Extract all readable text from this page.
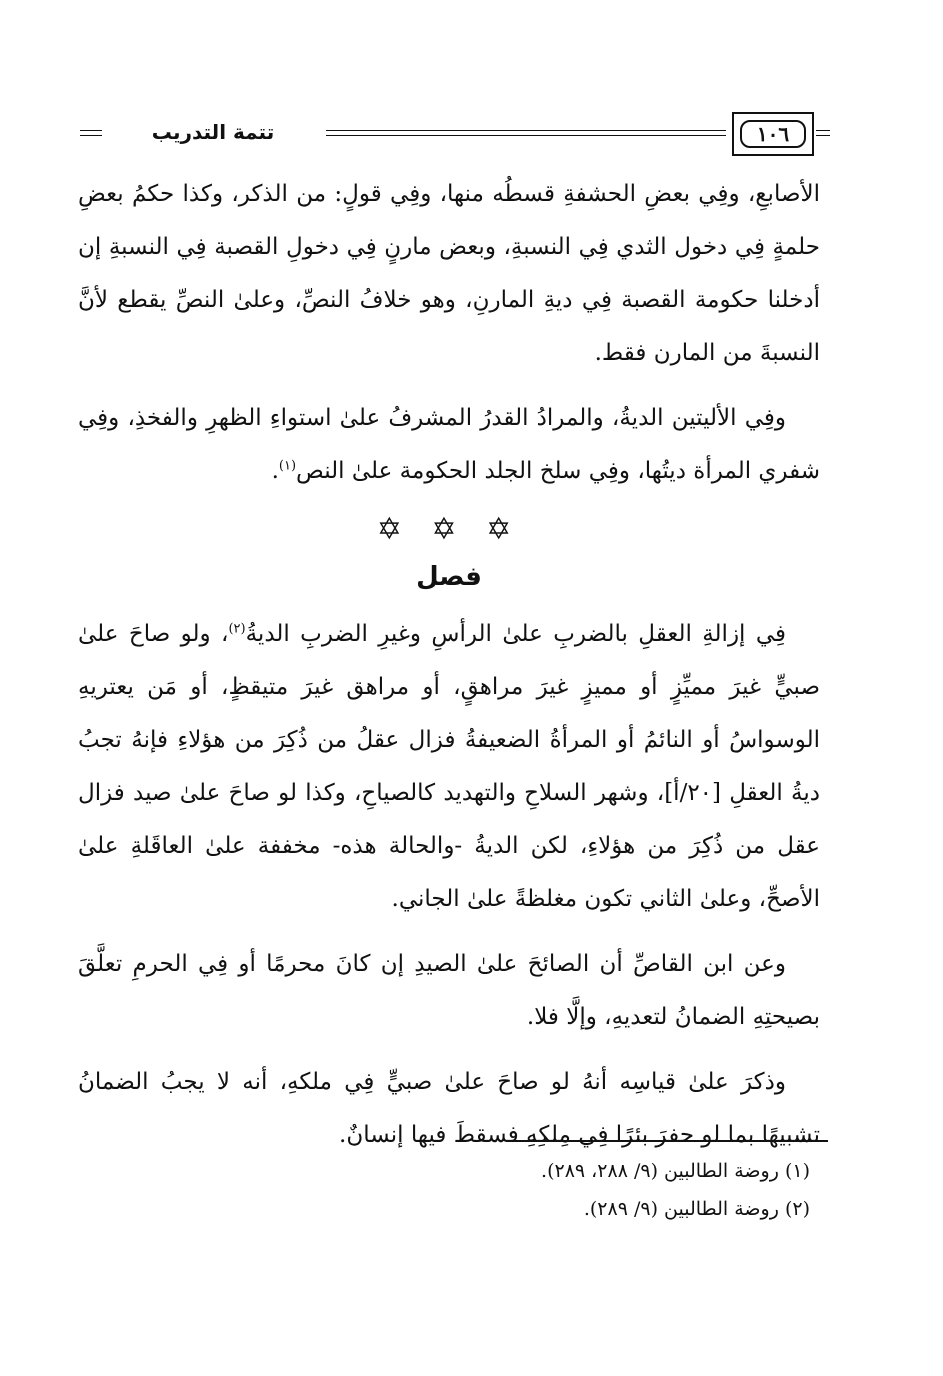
١٠٦
تتمة التدريب

الأصابعِ، وفِي بعضِ الحشفةِ قسطُه منها، وفِي قولٍ: من الذكر، وكذا حكمُ بعضِ حلمةٍ فِي دخول الثدي فِي النسبةِ، وبعض مارنٍ فِي دخولِ القصبة فِي النسبةِ إن أدخلنا حكومة القصبة فِي ديةِ المارنِ، وهو خلافُ النصِّ، وعلىٰ النصِّ يقطع لأنَّ النسبةَ من المارن فقط.

وفِي الأليتين الديةُ، والمرادُ القدرُ المشرفُ علىٰ استواءِ الظهرِ والفخذِ، وفِي شفري المرأة ديتُها، وفِي سلخ الجلد الحكومة علىٰ النص$^{(١)}$.

✡ ✡ ✡
فصل

فِي إزالةِ العقلِ بالضربِ علىٰ الرأسِ وغيرِ الضربِ الديةُ$^{(٢)}$، ولو صاحَ علىٰ صبيٍّ غيرَ مميِّزٍ أو مميزٍ غيرَ مراهقٍ، أو مراهق غيرَ متيقظٍ، أو مَن يعتريهِ الوسواسُ أو النائمُ أو المرأةُ الضعيفةُ فزال عقلُ من ذُكِرَ من هؤلاءِ فإنهُ تجبُ ديةُ العقلِ [٢٠/أ]، وشهر السلاحِ والتهديد كالصياحِ، وكذا لو صاحَ علىٰ صيد فزال عقل من ذُكِرَ من هؤلاءِ، لكن الديةُ -والحالة هذه- مخففة علىٰ العاقَلةِ علىٰ الأصحِّ، وعلىٰ الثاني تكون مغلظةً علىٰ الجاني.

وعن ابن القاصِّ أن الصائحَ علىٰ الصيدِ إن كانَ محرمًا أو فِي الحرمِ تعلَّقَ بصيحتِهِ الضمانُ لتعديهِ، وإلَّا فلا.

وذكرَ علىٰ قياسِه أنهُ لو صاحَ علىٰ صبيٍّ فِي ملكهِ، أنه لا يجبُ الضمانُ تشبيهًا بما لو حفرَ بئرًا فِي مِلكِهِ فسقطَ فيها إنسانٌ.

(١) روضة الطالبين (٩/ ٢٨٨، ٢٨٩).

(٢) روضة الطالبين (٩/ ٢٨٩).
